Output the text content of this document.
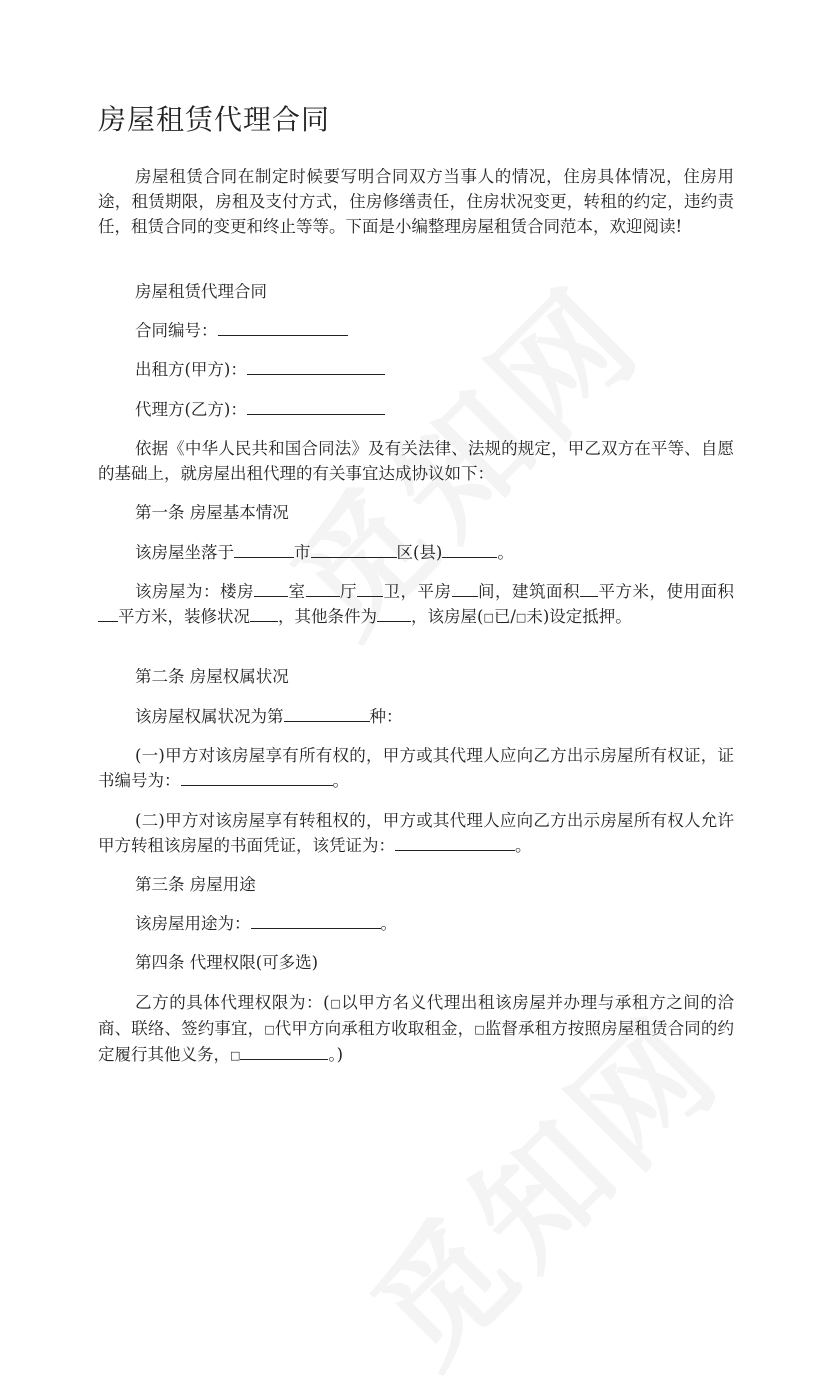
房屋租赁代理合同

房屋租赁合同在制定时候要写明合同双方当事人的情况，住房具体情况，住房用途，租赁期限，房租及支付方式，住房修缮责任，住房状况变更，转租的约定，违约责任，租赁合同的变更和终止等等。下面是小编整理房屋租赁合同范本，欢迎阅读!

房屋租赁代理合同

合同编号：

出租方(甲方)：

代理方(乙方)：

依据《中华人民共和国合同法》及有关法律、法规的规定，甲乙双方在平等、自愿的基础上，就房屋出租代理的有关事宜达成协议如下：

第一条 房屋基本情况

该房屋坐落于	市	区(县)	。

该房屋为：楼房 室 厅 卫，平房 间，建筑面积 平方米，使用面积 平方米，装修状况 ，其他条件为 ，该房屋(□已/□未)设定抵押。

第二条 房屋权属状况

该房屋权属状况为第	种：

(一)甲方对该房屋享有所有权的，甲方或其代理人应向乙方出示房屋所有权证，证书编号为：	。

(二)甲方对该房屋享有转租权的，甲方或其代理人应向乙方出示房屋所有权人允许甲方转租该房屋的书面凭证，该凭证为：	。

第三条 房屋用途

该房屋用途为：	。

第四条 代理权限(可多选)

乙方的具体代理权限为：(□以甲方名义代理出租该房屋并办理与承租方之间的洽商、联络、签约事宜，□代甲方向承租方收取租金，□监督承租方按照房屋租赁合同的约定履行其他义务，□	。)
